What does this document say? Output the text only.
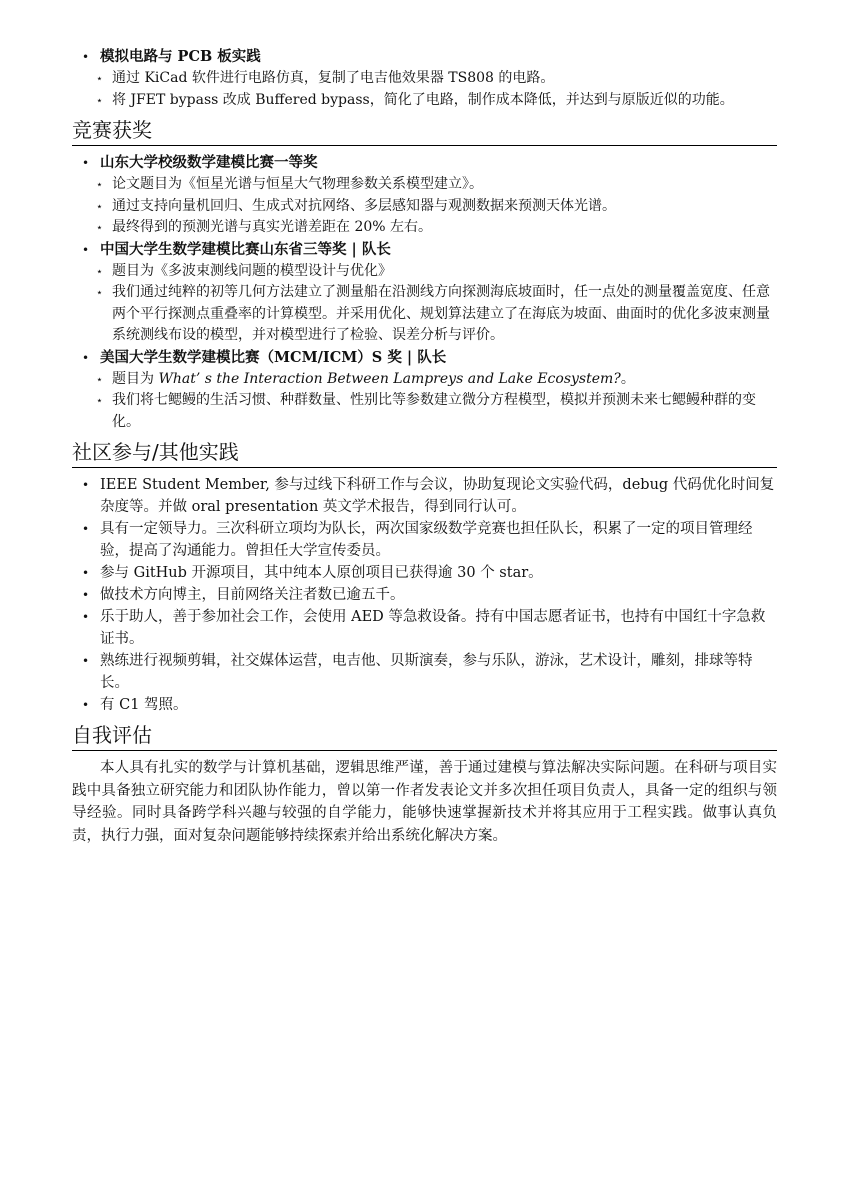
• 模拟电路与 PCB 板实践
⋆ 通过 KiCad 软件进行电路仿真，复制了电吉他效果器 TS808 的电路。
⋆ 将 JFET bypass 改成 Buffered bypass，简化了电路，制作成本降低，并达到与原版近似的功能。
竞赛获奖
• 山东大学校级数学建模比赛一等奖
⋆ 论文题目为《恒星光谱与恒星大气物理参数关系模型建立》。
⋆ 通过支持向量机回归、生成式对抗网络、多层感知器与观测数据来预测天体光谱。
⋆ 最终得到的预测光谱与真实光谱差距在 20% 左右。
• 中国大学生数学建模比赛山东省三等奖 | 队长
⋆ 题目为《多波束测线问题的模型设计与优化》
⋆ 我们通过纯粹的初等几何方法建立了测量船在沿测线方向探测海底坡面时，任一点处的测量覆盖宽度、任意两个平行探测点重叠率的计算模型。并采用优化、规划算法建立了在海底为坡面、曲面时的优化多波束测量系统测线布设的模型，并对模型进行了检验、误差分析与评价。
• 美国大学生数学建模比赛（MCM/ICM）S 奖 | 队长
⋆ 题目为 What’ s the Interaction Between Lampreys and Lake Ecosystem?。
⋆ 我们将七鳃鳗的生活习惯、种群数量、性别比等参数建立微分方程模型，模拟并预测未来七鳃鳗种群的变化。
社区参与/其他实践
• IEEE Student Member, 参与过线下科研工作与会议，协助复现论文实验代码，debug 代码优化时间复杂度等。并做 oral presentation 英文学术报告，得到同行认可。
• 具有一定领导力。三次科研立项均为队长，两次国家级数学竞赛也担任队长，积累了一定的项目管理经验，提高了沟通能力。曾担任大学宣传委员。
• 参与 GitHub 开源项目，其中纯本人原创项目已获得逾 30 个 star。
• 做技术方向博主，目前网络关注者数已逾五千。
• 乐于助人，善于参加社会工作，会使用 AED 等急救设备。持有中国志愿者证书，也持有中国红十字急救证书。
• 熟练进行视频剪辑，社交媒体运营，电吉他、贝斯演奏，参与乐队，游泳，艺术设计，雕刻，排球等特长。
• 有 C1 驾照。
自我评估
本人具有扎实的数学与计算机基础，逻辑思维严谨，善于通过建模与算法解决实际问题。在科研与项目实践中具备独立研究能力和团队协作能力，曾以第一作者发表论文并多次担任项目负责人，具备一定的组织与领导经验。同时具备跨学科兴趣与较强的自学能力，能够快速掌握新技术并将其应用于工程实践。做事认真负责，执行力强，面对复杂问题能够持续探索并给出系统化解决方案。
